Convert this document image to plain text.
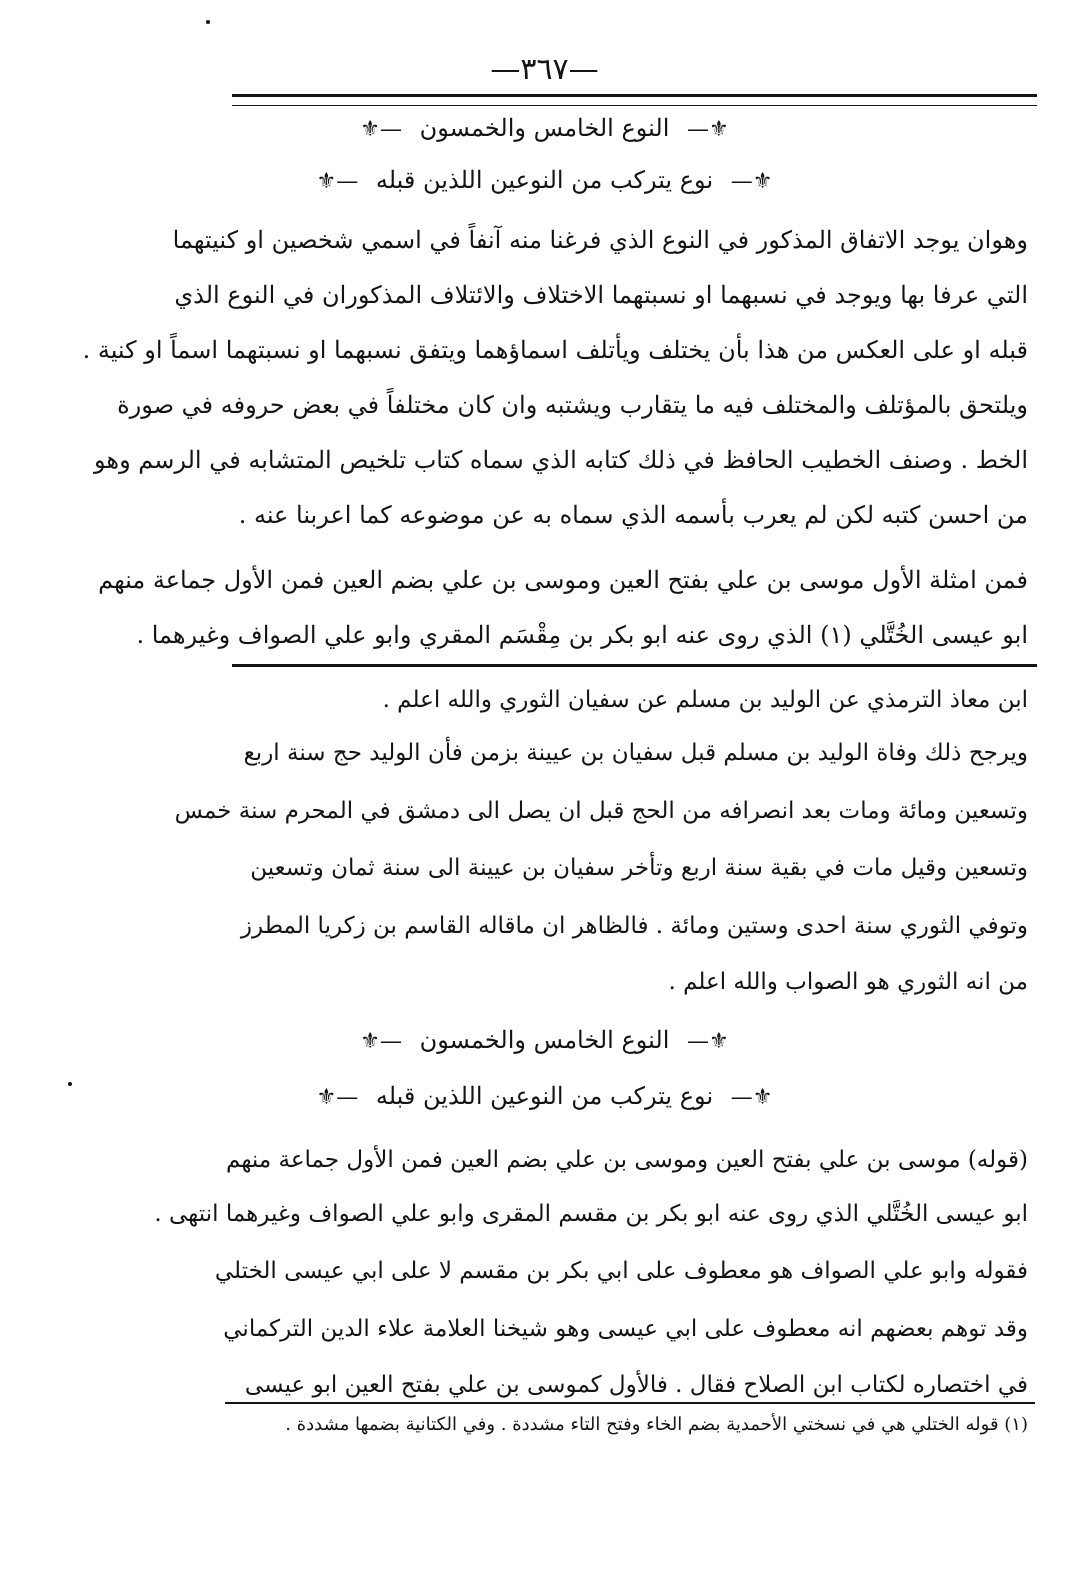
—٣٦٧—
⚜— النوع الخامس والخمسون —⚜
⚜— نوع يتركب من النوعين اللذين قبله —⚜
وهوان يوجد الاتفاق المذكور في النوع الذي فرغنا منه آنفاً في اسمي شخصين او كنيتهما
التي عرفا بها ويوجد في نسبهما او نسبتهما الاختلاف والائتلاف المذكوران في النوع الذي
قبله او على العكس من هذا بأن يختلف ويأتلف اسماؤهما ويتفق نسبهما او نسبتهما اسماً او كنية .
ويلتحق بالمؤتلف والمختلف فيه ما يتقارب ويشتبه وان كان مختلفاً في بعض حروفه في صورة
الخط . وصنف الخطيب الحافظ في ذلك كتابه الذي سماه كتاب تلخيص المتشابه في الرسم وهو
من احسن كتبه لكن لم يعرب بأسمه الذي سماه به عن موضوعه كما اعربنا عنه .
فمن امثلة الأول موسى بن علي بفتح العين وموسى بن علي بضم العين فمن الأول جماعة منهم
ابو عيسى الخُتَّلي (١) الذي روى عنه ابو بكر بن مِقْسَم المقري وابو علي الصواف وغيرهما .
ابن معاذ الترمذي عن الوليد بن مسلم عن سفيان الثوري والله اعلم .
ويرجح ذلك وفاة الوليد بن مسلم قبل سفيان بن عيينة بزمن فأن الوليد حج سنة اربع
وتسعين ومائة ومات بعد انصرافه من الحج قبل ان يصل الى دمشق في المحرم سنة خمس
وتسعين وقيل مات في بقية سنة اربع وتأخر سفيان بن عيينة الى سنة ثمان وتسعين
وتوفي الثوري سنة احدى وستين ومائة . فالظاهر ان ماقاله القاسم بن زكريا المطرز
من انه الثوري هو الصواب والله اعلم .
⚜— النوع الخامس والخمسون —⚜
⚜— نوع يتركب من النوعين اللذين قبله —⚜
(قوله) موسى بن علي بفتح العين وموسى بن علي بضم العين فمن الأول جماعة منهم
ابو عيسى الخُتَّلي الذي روى عنه ابو بكر بن مقسم المقرى وابو علي الصواف وغيرهما انتهى .
فقوله وابو علي الصواف هو معطوف على ابي بكر بن مقسم لا على ابي عيسى الختلي
وقد توهم بعضهم انه معطوف على ابي عيسى وهو شيخنا العلامة علاء الدين التركماني
في اختصاره لكتاب ابن الصلاح فقال . فالأول كموسى بن علي بفتح العين ابو عيسى
(١) قوله الختلي هي في نسختي الأحمدية بضم الخاء وفتح التاء مشددة . وفي الكتانية بضمها مشددة .
